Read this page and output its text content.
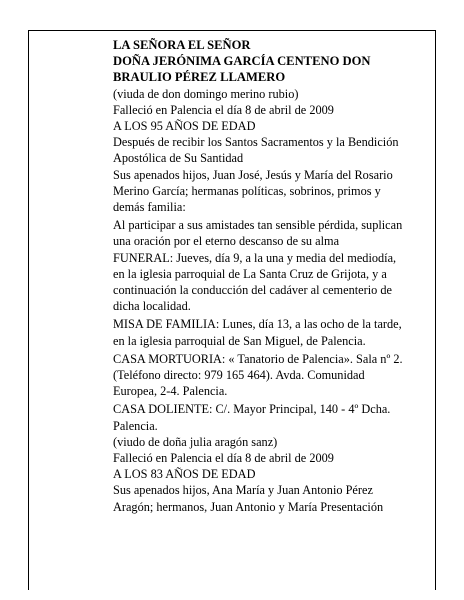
LA SEÑORA EL SEÑOR

DOÑA JERÓNIMA GARCÍA CENTENO DON BRAULIO PÉREZ LLAMERO

(viuda de don domingo merino rubio)

Falleció en Palencia el día 8 de abril de 2009

A LOS 95 AÑOS DE EDAD

Después de recibir los Santos Sacramentos y la Bendición Apostólica de Su Santidad

Sus apenados hijos, Juan José, Jesús y María del Rosario Merino García; hermanas políticas, sobrinos, primos y demás familia:

Al participar a sus amistades tan sensible pérdida, suplican una oración por el eterno descanso de su alma

FUNERAL: Jueves, día 9, a la una y media del mediodía, en la iglesia parroquial de La Santa Cruz de Grijota, y a continuación la conducción del cadáver al cementerio de dicha localidad.

MISA DE FAMILIA: Lunes, día 13, a las ocho de la tarde, en la iglesia parroquial de San Miguel, de Palencia.

CASA MORTUORIA: « Tanatorio de Palencia». Sala nº 2. (Teléfono directo: 979 165 464). Avda. Comunidad Europea, 2-4. Palencia.

CASA DOLIENTE: C/. Mayor Principal, 140 - 4º Dcha. Palencia.

(viudo de doña julia aragón sanz)

Falleció en Palencia el día 8 de abril de 2009

A LOS 83 AÑOS DE EDAD

Sus apenados hijos, Ana María y Juan Antonio Pérez Aragón; hermanos, Juan Antonio y María Presentación
